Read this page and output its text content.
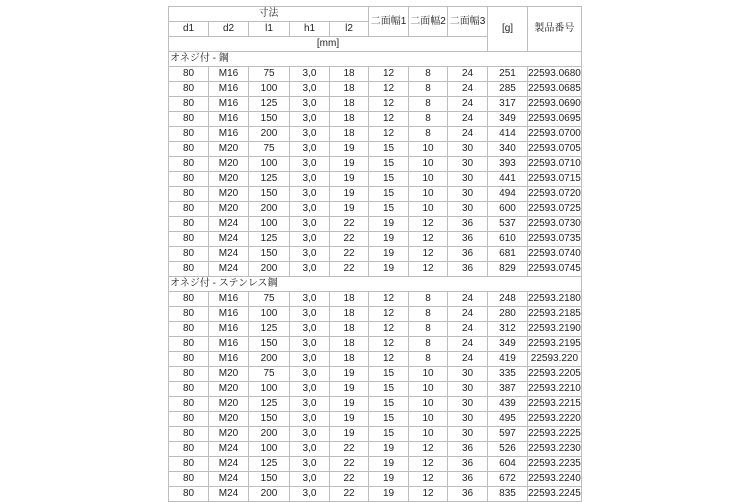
寸法					二面幅1	二面幅2	二面幅3	[g]	製品番号
d1	d2	l1	h1	l2					
[mm]									
オネジ付 - 鋼									
80	M16	75	3,0	18	12	8	24	251	22593.0680
80	M16	100	3,0	18	12	8	24	285	22593.0685
80	M16	125	3,0	18	12	8	24	317	22593.0690
80	M16	150	3,0	18	12	8	24	349	22593.0695
80	M16	200	3,0	18	12	8	24	414	22593.0700
80	M20	75	3,0	19	15	10	30	340	22593.0705
80	M20	100	3,0	19	15	10	30	393	22593.0710
80	M20	125	3,0	19	15	10	30	441	22593.0715
80	M20	150	3,0	19	15	10	30	494	22593.0720
80	M20	200	3,0	19	15	10	30	600	22593.0725
80	M24	100	3,0	22	19	12	36	537	22593.0730
80	M24	125	3,0	22	19	12	36	610	22593.0735
80	M24	150	3,0	22	19	12	36	681	22593.0740
80	M24	200	3,0	22	19	12	36	829	22593.0745
オネジ付 - ステンレス鋼									
80	M16	75	3,0	18	12	8	24	248	22593.2180
80	M16	100	3,0	18	12	8	24	280	22593.2185
80	M16	125	3,0	18	12	8	24	312	22593.2190
80	M16	150	3,0	18	12	8	24	349	22593.2195
80	M16	200	3,0	18	12	8	24	419	22593.220
80	M20	75	3,0	19	15	10	30	335	22593.2205
80	M20	100	3,0	19	15	10	30	387	22593.2210
80	M20	125	3,0	19	15	10	30	439	22593.2215
80	M20	150	3,0	19	15	10	30	495	22593.2220
80	M20	200	3,0	19	15	10	30	597	22593.2225
80	M24	100	3,0	22	19	12	36	526	22593.2230
80	M24	125	3,0	22	19	12	36	604	22593.2235
80	M24	150	3,0	22	19	12	36	672	22593.2240
80	M24	200	3,0	22	19	12	36	835	22593.2245
